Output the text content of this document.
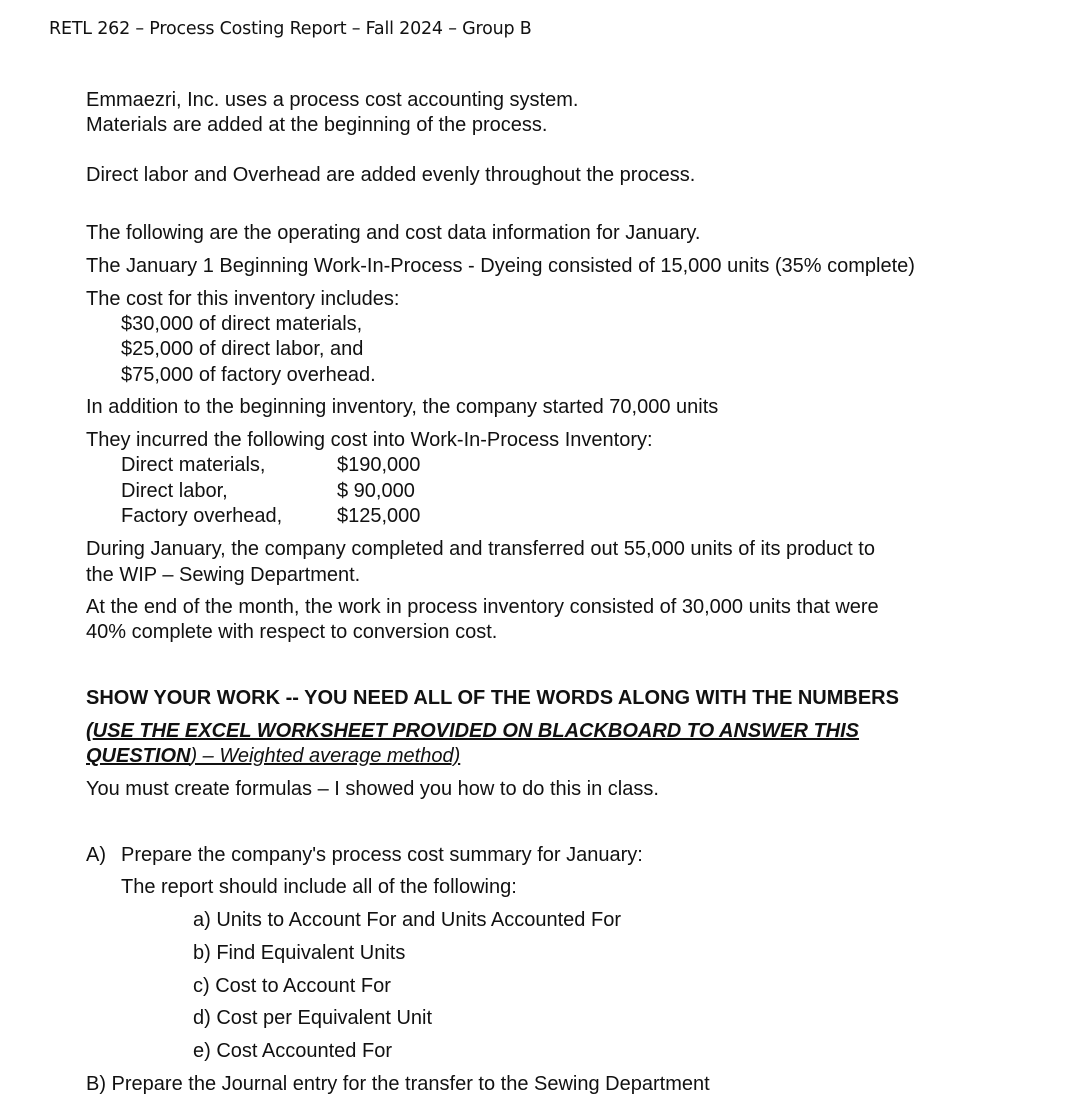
RETL 262 – Process Costing Report – Fall 2024 – Group B
Emmaezri, Inc. uses a process cost accounting system.
Materials are added at the beginning of the process.
Direct labor and Overhead are added evenly throughout the process.
The following are the operating and cost data information for January.
The January 1 Beginning Work-In-Process - Dyeing consisted of 15,000 units (35% complete)
The cost for this inventory includes:
$30,000 of direct materials,
$25,000 of direct labor, and
$75,000 of factory overhead.
In addition to the beginning inventory, the company started 70,000 units
They incurred the following cost into Work-In-Process Inventory:
Direct materials,	$190,000
Direct labor,	$ 90,000
Factory overhead,	$125,000
During January, the company completed and transferred out 55,000 units of its product to
the WIP – Sewing Department.
At the end of the month, the work in process inventory consisted of 30,000 units that were
40% complete with respect to conversion cost.
SHOW YOUR WORK -- YOU NEED ALL OF THE WORDS ALONG WITH THE NUMBERS
(USE THE EXCEL WORKSHEET PROVIDED ON BLACKBOARD TO ANSWER THIS
QUESTION) – Weighted average method)
You must create formulas – I showed you how to do this in class.
A) Prepare the company's process cost summary for January:
The report should include all of the following:
a) Units to Account For and Units Accounted For
b) Find Equivalent Units
c) Cost to Account For
d) Cost per Equivalent Unit
e) Cost Accounted For
B) Prepare the Journal entry for the transfer to the Sewing Department
